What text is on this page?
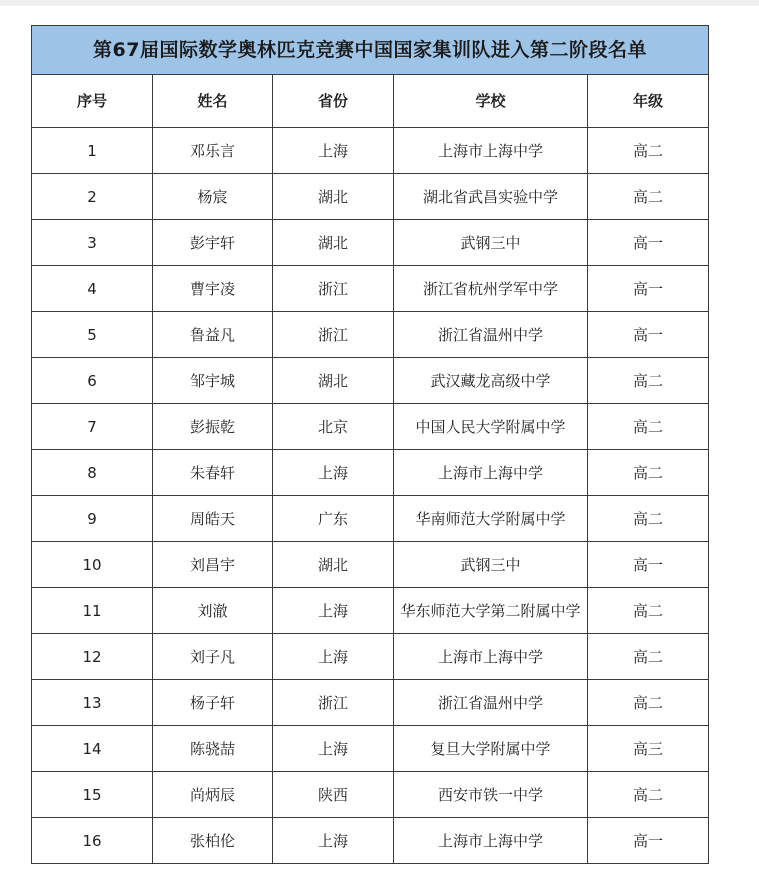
第67届国际数学奥林匹克竞赛中国国家集训队进入第二阶段名单				
序号	姓名	省份	学校	年级
1	邓乐言	上海	上海市上海中学	高二
2	杨宸	湖北	湖北省武昌实验中学	高二
3	彭宇轩	湖北	武钢三中	高一
4	曹宇凌	浙江	浙江省杭州学军中学	高一
5	鲁益凡	浙江	浙江省温州中学	高一
6	邹宇城	湖北	武汉藏龙高级中学	高二
7	彭振乾	北京	中国人民大学附属中学	高二
8	朱春轩	上海	上海市上海中学	高二
9	周皓天	广东	华南师范大学附属中学	高二
10	刘昌宇	湖北	武钢三中	高一
11	刘澈	上海	华东师范大学第二附属中学	高二
12	刘子凡	上海	上海市上海中学	高二
13	杨子轩	浙江	浙江省温州中学	高二
14	陈骁喆	上海	复旦大学附属中学	高三
15	尚炳辰	陕西	西安市铁一中学	高二
16	张柏伦	上海	上海市上海中学	高一
